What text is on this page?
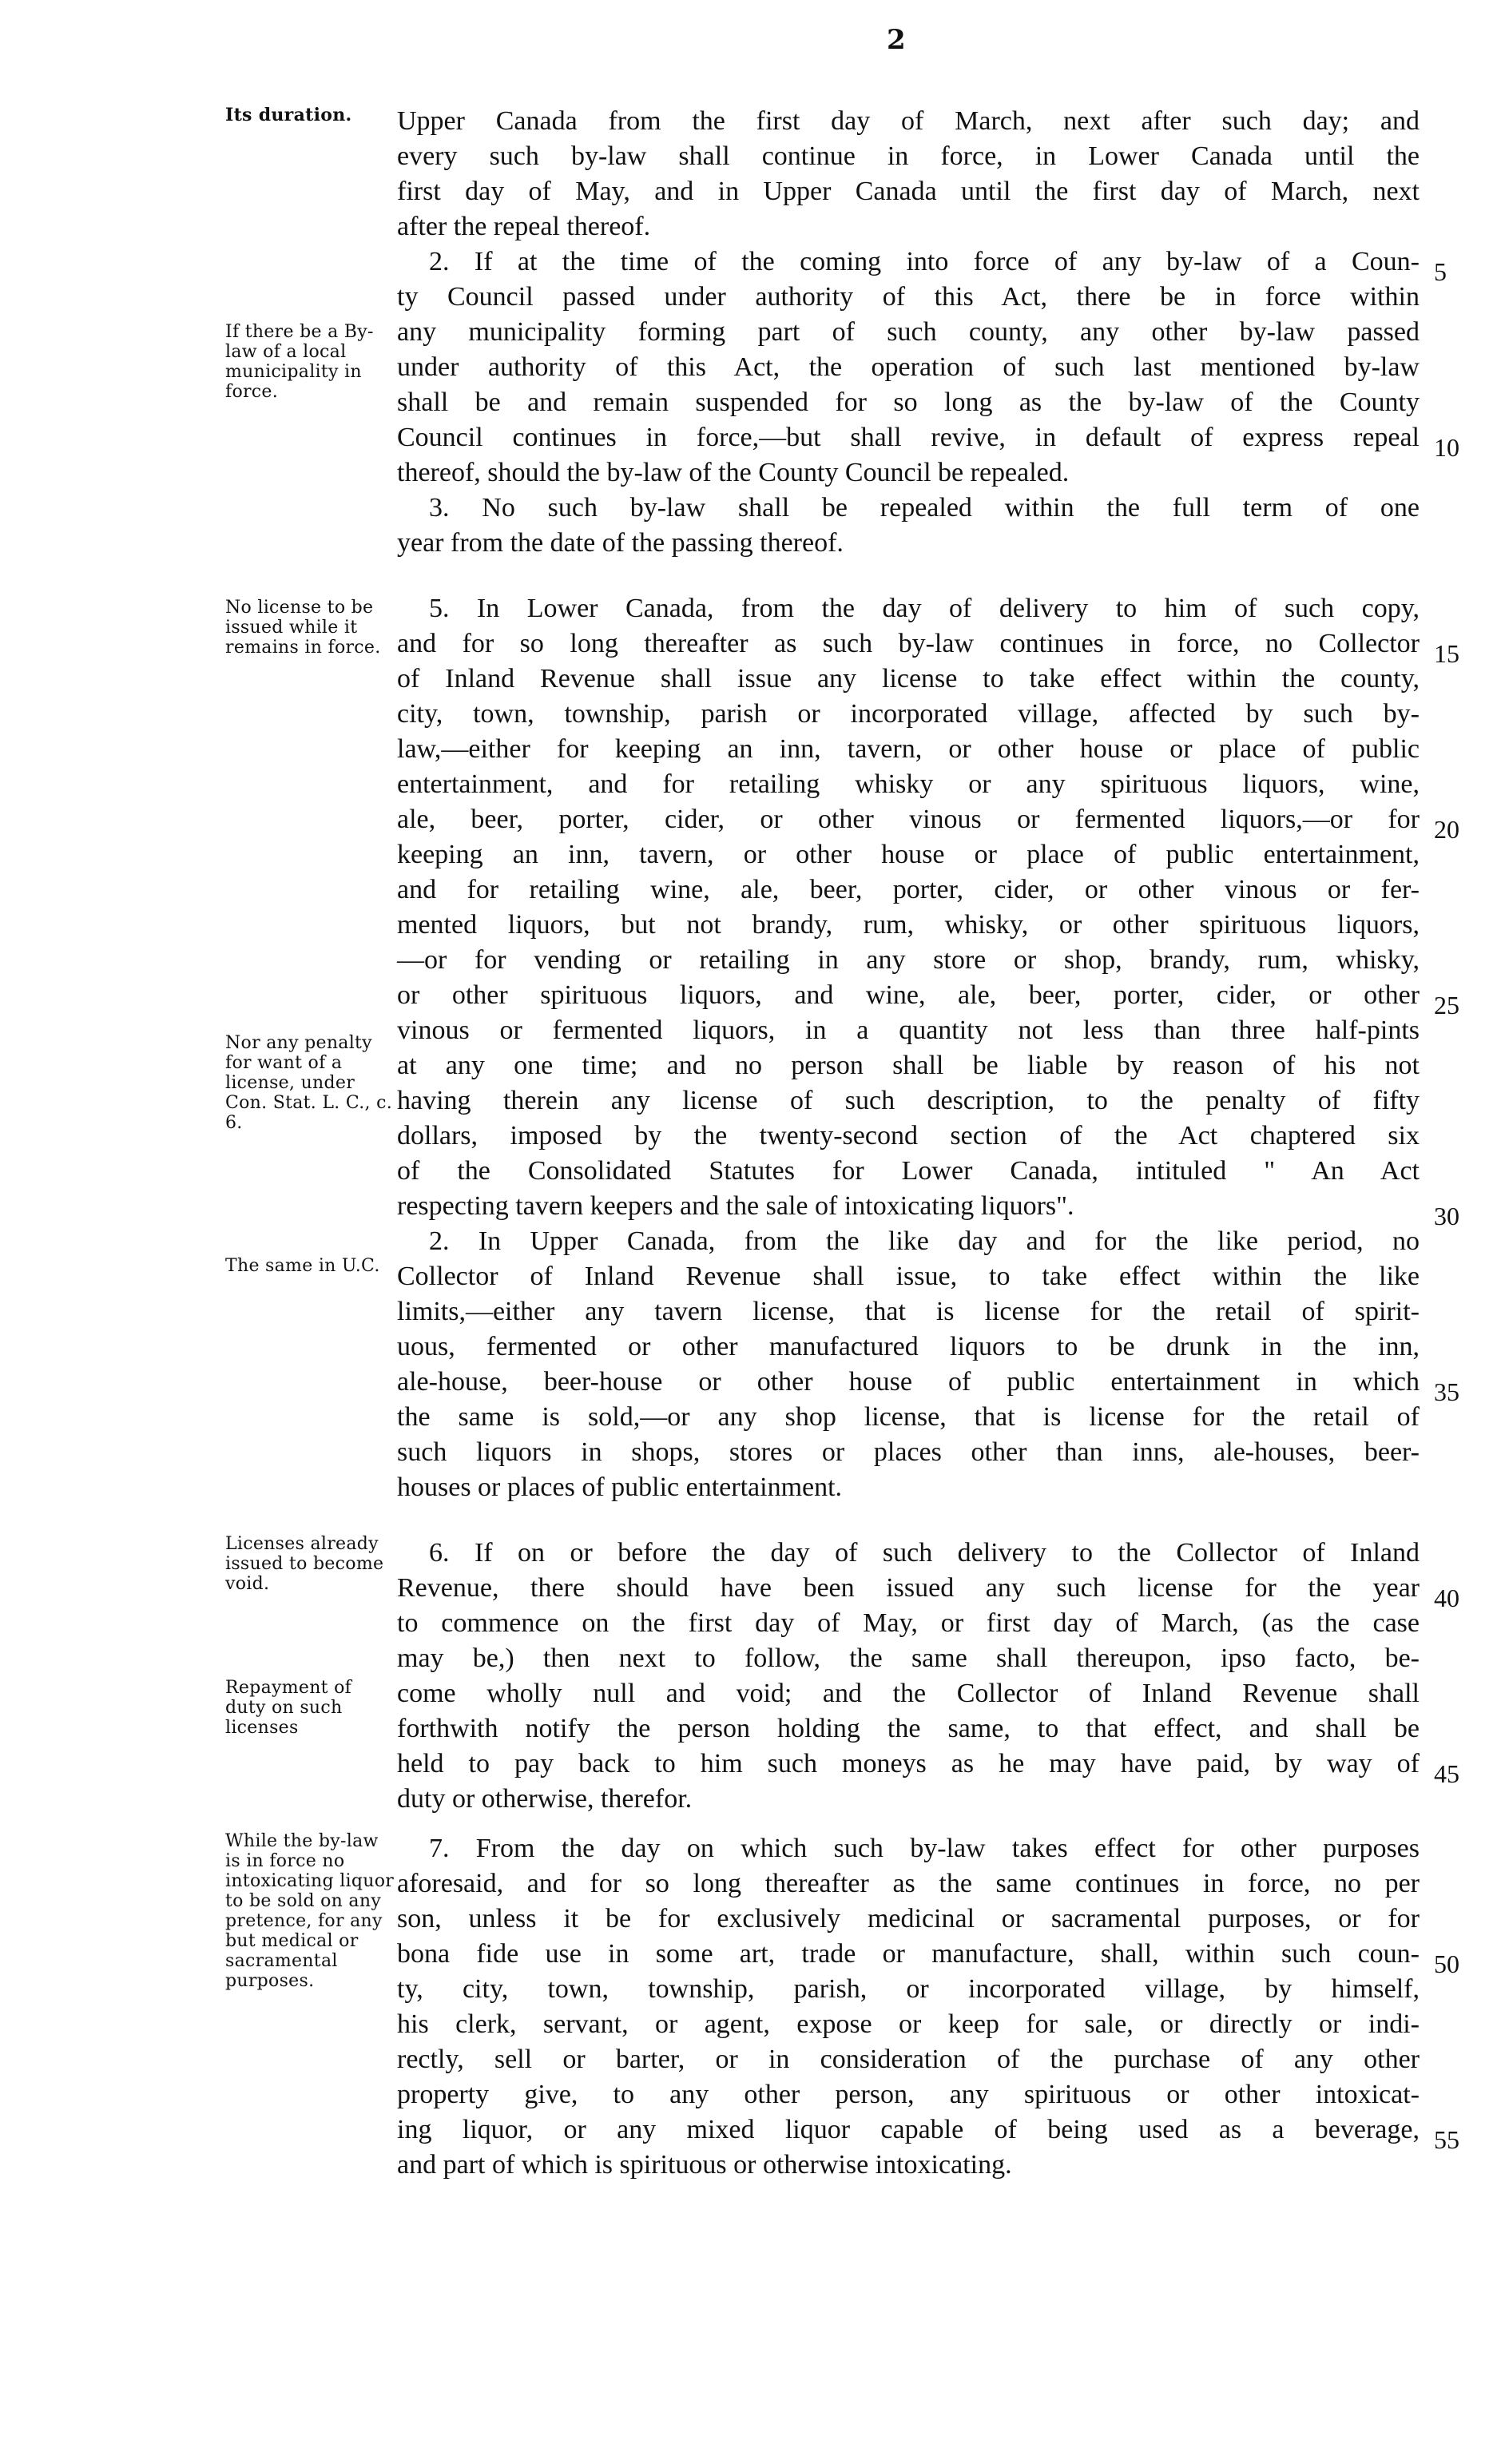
2
Its duration.
If there be a By-law of a local municipality in force.
No license to be issued while it remains in force.
Nor any penalty for want of a license, under Con. Stat. L. C., c. 6.
The same in U.C.
Licenses already issued to become void.
Repayment of duty on such licenses
While the by-law is in force no intoxicating liquor to be sold on any pretence, for any but medical or sacramental purposes.
Upper Canada from the first day of March, next after such day; and
every such by-law shall continue in force, in Lower Canada until the
first day of May, and in Upper Canada until the first day of March, next
after the repeal thereof.
2. If at the time of the coming into force of any by-law of a Coun-
ty Council passed under authority of this Act, there be in force within
any municipality forming part of such county, any other by-law passed
under authority of this Act, the operation of such last mentioned by-law
shall be and remain suspended for so long as the by-law of the County
Council continues in force,—but shall revive, in default of express repeal
thereof, should the by-law of the County Council be repealed.
3. No such by-law shall be repealed within the full term of one
year from the date of the passing thereof.
5. In Lower Canada, from the day of delivery to him of such copy,
and for so long thereafter as such by-law continues in force, no Collector
of Inland Revenue shall issue any license to take effect within the county,
city, town, township, parish or incorporated village, affected by such by-
law,—either for keeping an inn, tavern, or other house or place of public
entertainment, and for retailing whisky or any spirituous liquors, wine,
ale, beer, porter, cider, or other vinous or fermented liquors,—or for
keeping an inn, tavern, or other house or place of public entertainment,
and for retailing wine, ale, beer, porter, cider, or other vinous or fer-
mented liquors, but not brandy, rum, whisky, or other spirituous liquors,
—or for vending or retailing in any store or shop, brandy, rum, whisky,
or other spirituous liquors, and wine, ale, beer, porter, cider, or other
vinous or fermented liquors, in a quantity not less than three half-pints
at any one time; and no person shall be liable by reason of his not
having therein any license of such description, to the penalty of fifty
dollars, imposed by the twenty-second section of the Act chaptered six
of the Consolidated Statutes for Lower Canada, intituled " An Act
respecting tavern keepers and the sale of intoxicating liquors".
2. In Upper Canada, from the like day and for the like period, no
Collector of Inland Revenue shall issue, to take effect within the like
limits,—either any tavern license, that is license for the retail of spirit-
uous, fermented or other manufactured liquors to be drunk in the inn,
ale-house, beer-house or other house of public entertainment in which
the same is sold,—or any shop license, that is license for the retail of
such liquors in shops, stores or places other than inns, ale-houses, beer-
houses or places of public entertainment.
6. If on or before the day of such delivery to the Collector of Inland
Revenue, there should have been issued any such license for the year
to commence on the first day of May, or first day of March, (as the case
may be,) then next to follow, the same shall thereupon, ipso facto, be-
come wholly null and void; and the Collector of Inland Revenue shall
forthwith notify the person holding the same, to that effect, and shall be
held to pay back to him such moneys as he may have paid, by way of
duty or otherwise, therefor.
7. From the day on which such by-law takes effect for other purposes
aforesaid, and for so long thereafter as the same continues in force, no per
son, unless it be for exclusively medicinal or sacramental purposes, or for
bona fide use in some art, trade or manufacture, shall, within such coun-
ty, city, town, township, parish, or incorporated village, by himself,
his clerk, servant, or agent, expose or keep for sale, or directly or indi-
rectly, sell or barter, or in consideration of the purchase of any other
property give, to any other person, any spirituous or other intoxicat-
ing liquor, or any mixed liquor capable of being used as a beverage,
and part of which is spirituous or otherwise intoxicating.
5
10
15
20
25
30
35
40
45
50
55
